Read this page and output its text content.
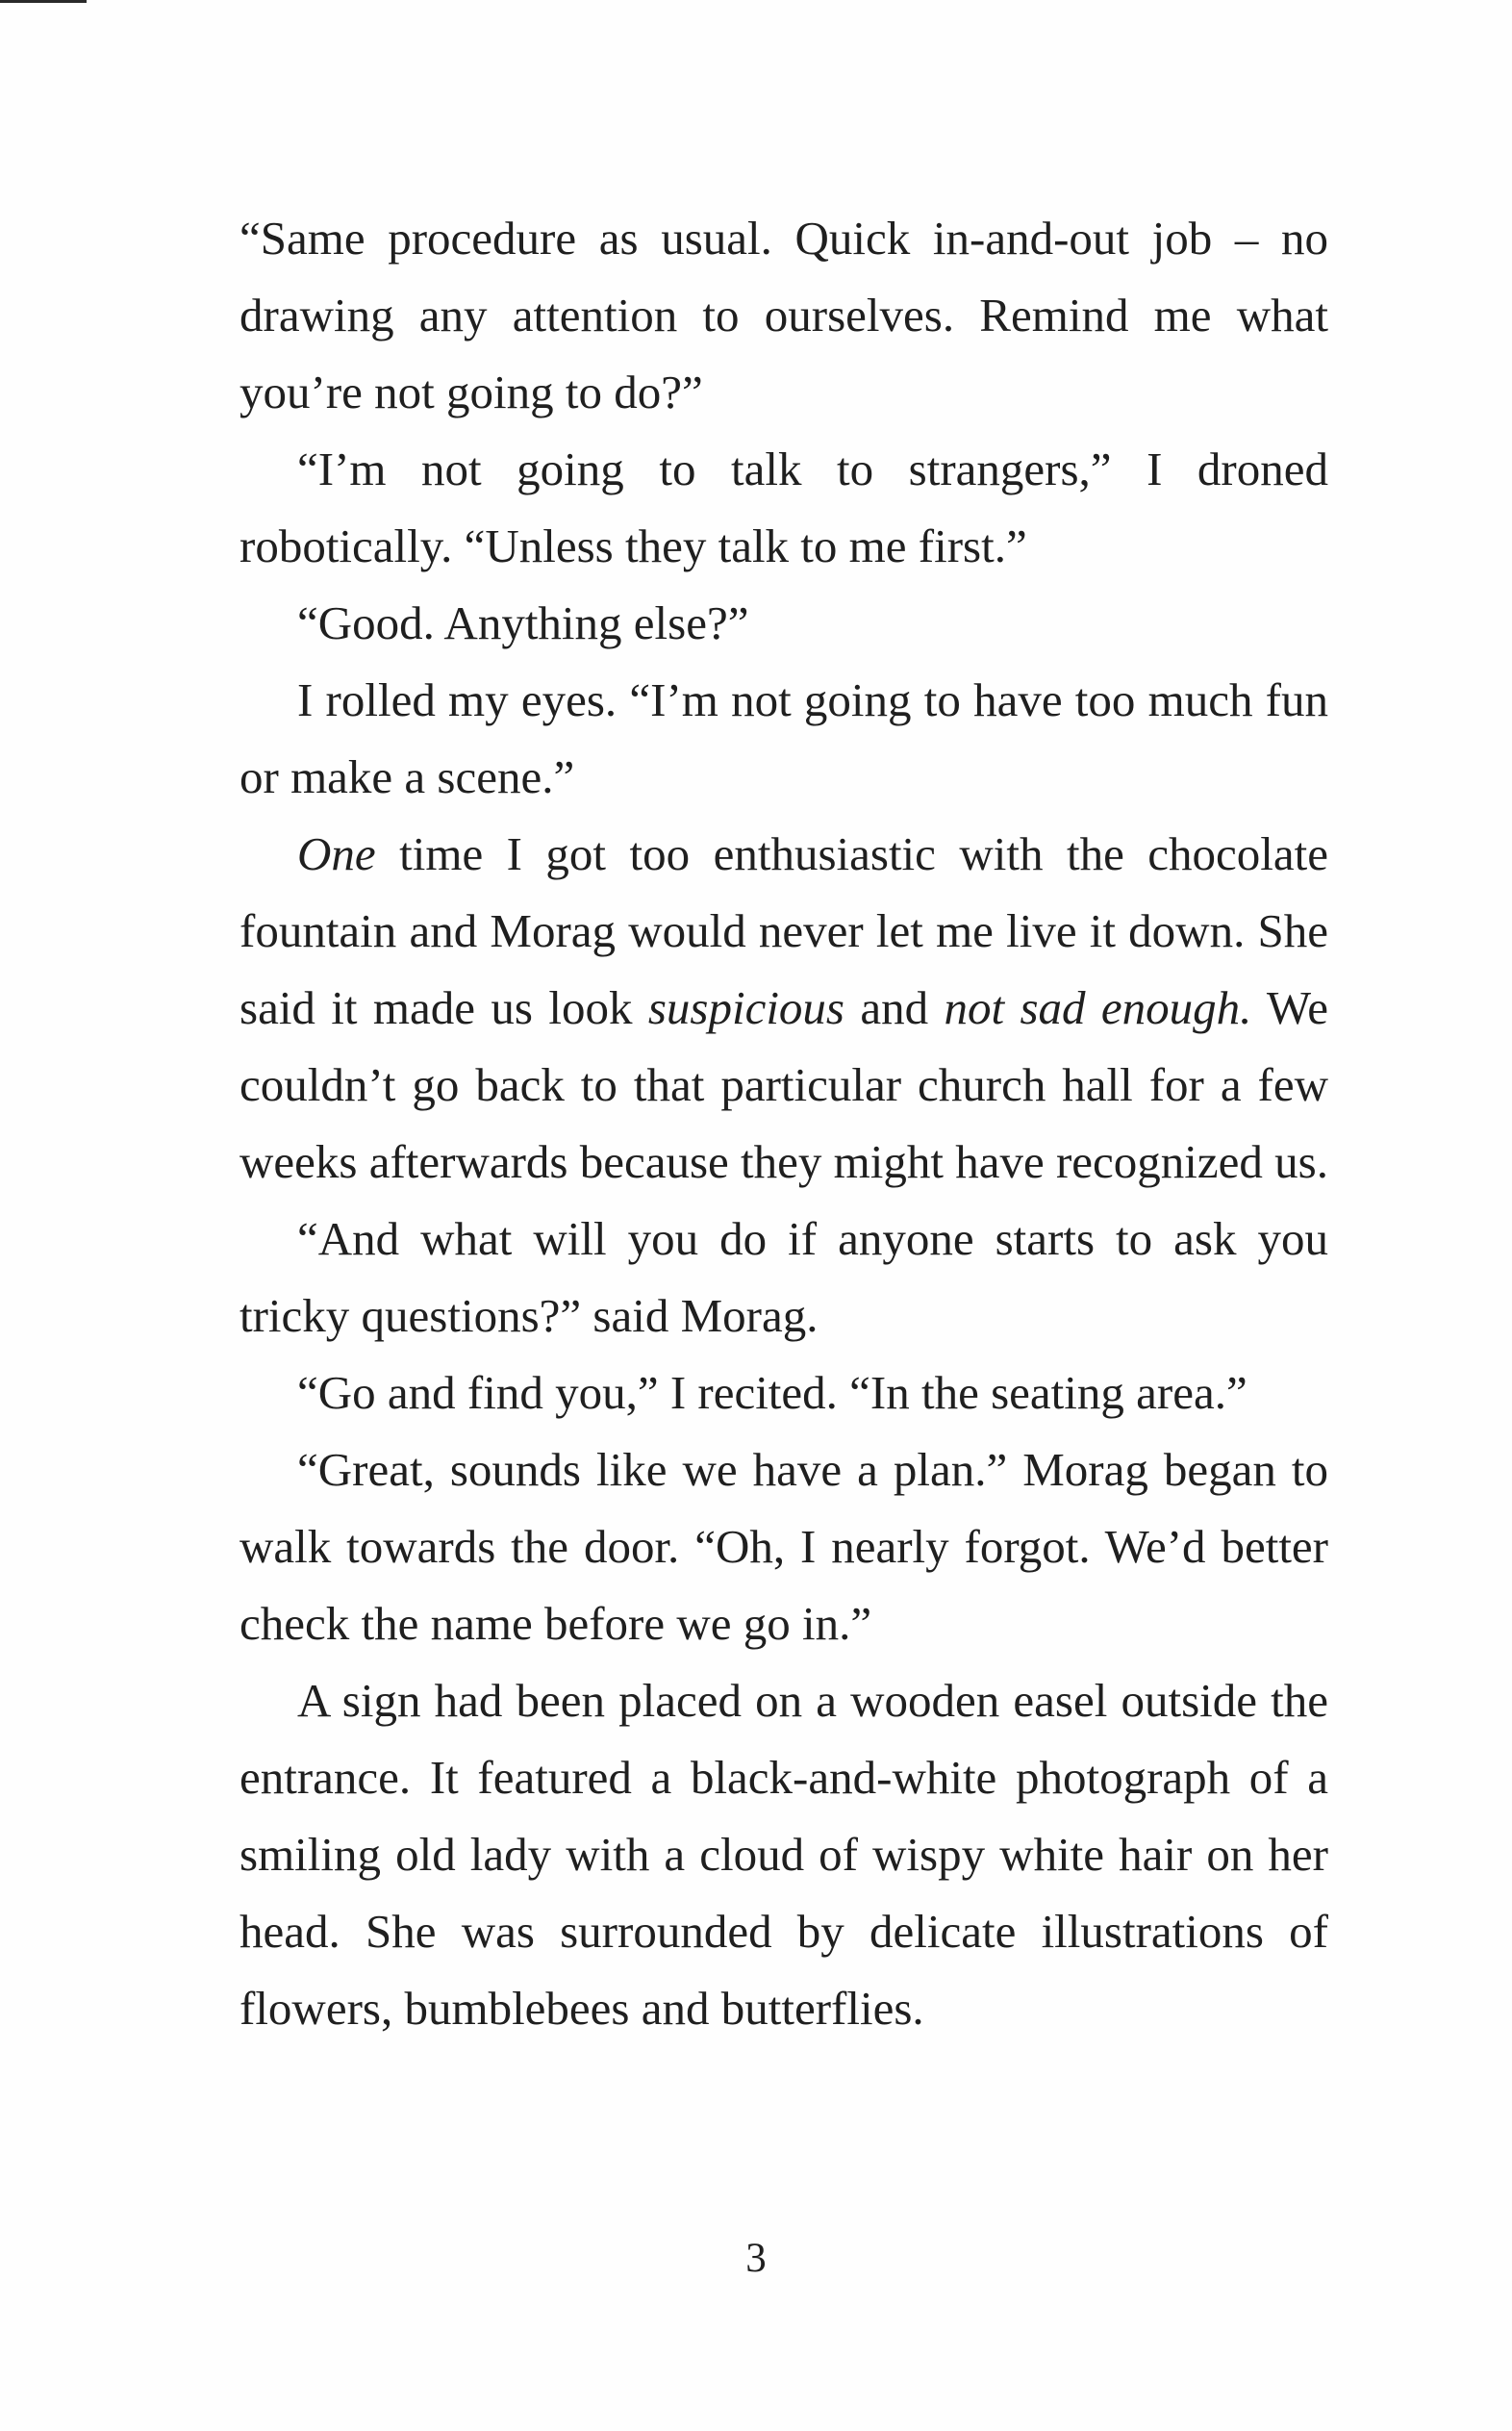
“Same procedure as usual. Quick in-and-out job – no drawing any attention to ourselves. Remind me what you’re not going to do?”

“I’m not going to talk to strangers,” I droned robotically. “Unless they talk to me first.”

“Good. Anything else?”

I rolled my eyes. “I’m not going to have too much fun or make a scene.”

One time I got too enthusiastic with the chocolate fountain and Morag would never let me live it down. She said it made us look suspicious and not sad enough. We couldn’t go back to that particular church hall for a few weeks afterwards because they might have recognized us.

“And what will you do if anyone starts to ask you tricky questions?” said Morag.

“Go and find you,” I recited. “In the seating area.”

“Great, sounds like we have a plan.” Morag began to walk towards the door. “Oh, I nearly forgot. We’d better check the name before we go in.”

A sign had been placed on a wooden easel outside the entrance. It featured a black-and-white photograph of a smiling old lady with a cloud of wispy white hair on her head. She was surrounded by delicate illustrations of flowers, bumblebees and butterflies.

3
